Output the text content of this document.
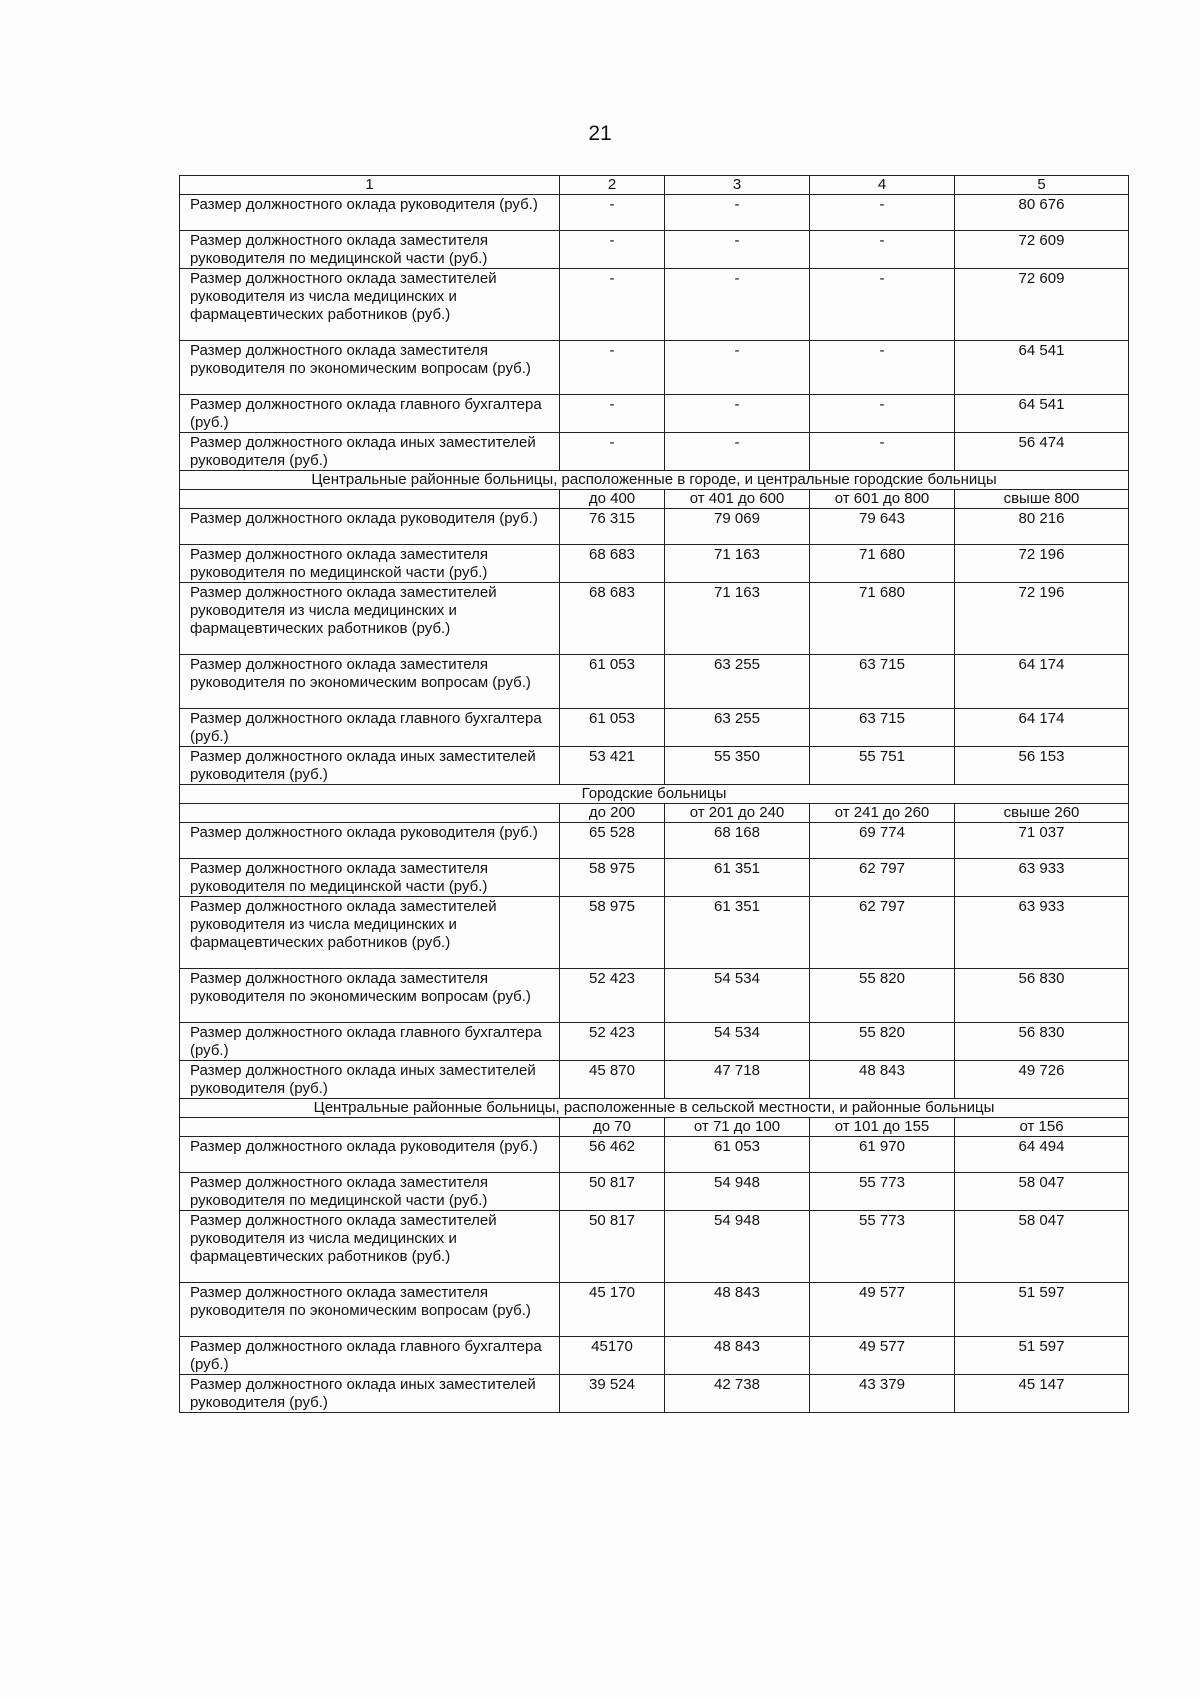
21
1	2	3	4	5
Размер должностного оклада руководителя (руб.)	-	-	-	80 676
Размер должностного оклада заместителя руководителя по медицинской части (руб.)	-	-	-	72 609
Размер должностного оклада заместителей руководителя из числа медицинских и фармацевтических работников (руб.)	-	-	-	72 609
Размер должностного оклада заместителя руководителя по экономическим вопросам (руб.)	-	-	-	64 541
Размер должностного оклада главного бухгалтера (руб.)	-	-	-	64 541
Размер должностного оклада иных заместителей руководителя (руб.)	-	-	-	56 474
Центральные районные больницы, расположенные в городе, и центральные городские больницы				
	до 400	от 401 до 600	от 601 до 800	свыше 800
Размер должностного оклада руководителя (руб.)	76 315	79 069	79 643	80 216
Размер должностного оклада заместителя руководителя по медицинской части (руб.)	68 683	71 163	71 680	72 196
Размер должностного оклада заместителей руководителя из числа медицинских и фармацевтических работников (руб.)	68 683	71 163	71 680	72 196
Размер должностного оклада заместителя руководителя по экономическим вопросам (руб.)	61 053	63 255	63 715	64 174
Размер должностного оклада главного бухгалтера (руб.)	61 053	63 255	63 715	64 174
Размер должностного оклада иных заместителей руководителя (руб.)	53 421	55 350	55 751	56 153
Городские больницы				
	до 200	от 201 до 240	от 241 до 260	свыше 260
Размер должностного оклада руководителя (руб.)	65 528	68 168	69 774	71 037
Размер должностного оклада заместителя руководителя по медицинской части (руб.)	58 975	61 351	62 797	63 933
Размер должностного оклада заместителей руководителя из числа медицинских и фармацевтических работников (руб.)	58 975	61 351	62 797	63 933
Размер должностного оклада заместителя руководителя по экономическим вопросам (руб.)	52 423	54 534	55 820	56 830
Размер должностного оклада главного бухгалтера (руб.)	52 423	54 534	55 820	56 830
Размер должностного оклада иных заместителей руководителя (руб.)	45 870	47 718	48 843	49 726
Центральные районные больницы, расположенные в сельской местности, и районные больницы				
	до 70	от 71 до 100	от 101 до 155	от 156
Размер должностного оклада руководителя (руб.)	56 462	61 053	61 970	64 494
Размер должностного оклада заместителя руководителя по медицинской части (руб.)	50 817	54 948	55 773	58 047
Размер должностного оклада заместителей руководителя из числа медицинских и фармацевтических работников (руб.)	50 817	54 948	55 773	58 047
Размер должностного оклада заместителя руководителя по экономическим вопросам (руб.)	45 170	48 843	49 577	51 597
Размер должностного оклада главного бухгалтера (руб.)	45170	48 843	49 577	51 597
Размер должностного оклада иных заместителей руководителя (руб.)	39 524	42 738	43 379	45 147
